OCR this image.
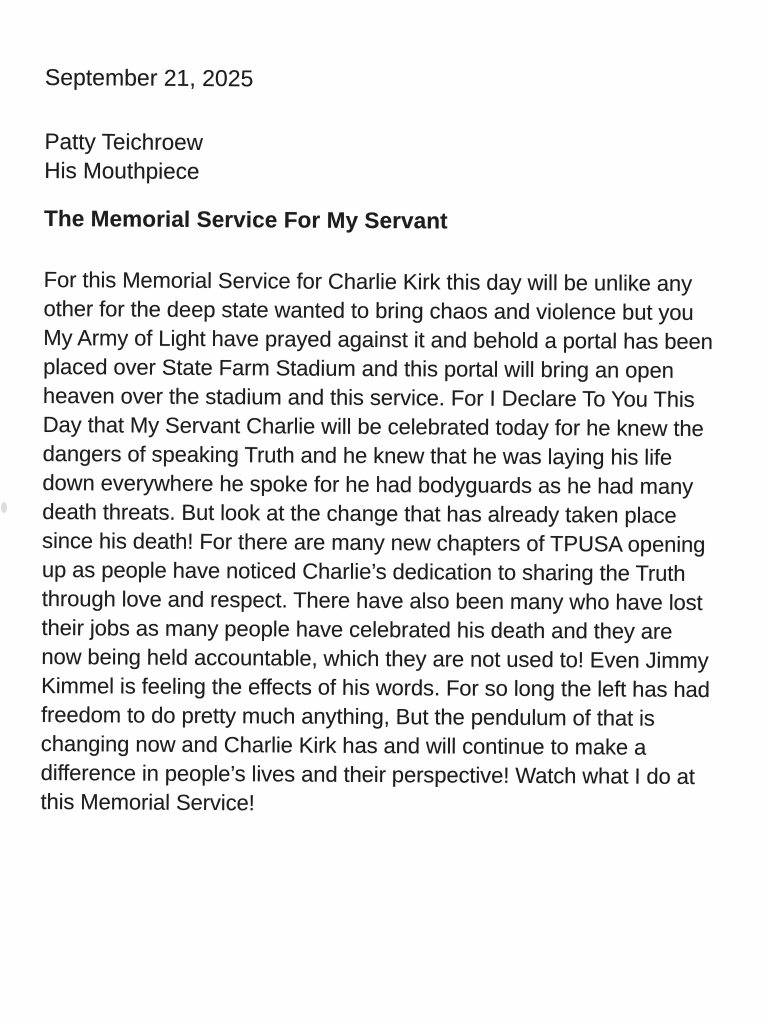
September 21, 2025
Patty Teichroew
His Mouthpiece
The Memorial Service For My Servant
For this Memorial Service for Charlie Kirk this day will be unlike any
other for the deep state wanted to bring chaos and violence but you
My Army of Light have prayed against it and behold a portal has been
placed over State Farm Stadium and this portal will bring an open
heaven over the stadium and this service. For I Declare To You This
Day that My Servant Charlie will be celebrated today for he knew the
dangers of speaking Truth and he knew that he was laying his life
down everywhere he spoke for he had bodyguards as he had many
death threats. But look at the change that has already taken place
since his death! For there are many new chapters of TPUSA opening
up as people have noticed Charlie’s dedication to sharing the Truth
through love and respect. There have also been many who have lost
their jobs as many people have celebrated his death and they are
now being held accountable, which they are not used to! Even Jimmy
Kimmel is feeling the effects of his words. For so long the left has had
freedom to do pretty much anything, But the pendulum of that is
changing now and Charlie Kirk has and will continue to make a
difference in people’s lives and their perspective! Watch what I do at
this Memorial Service!
